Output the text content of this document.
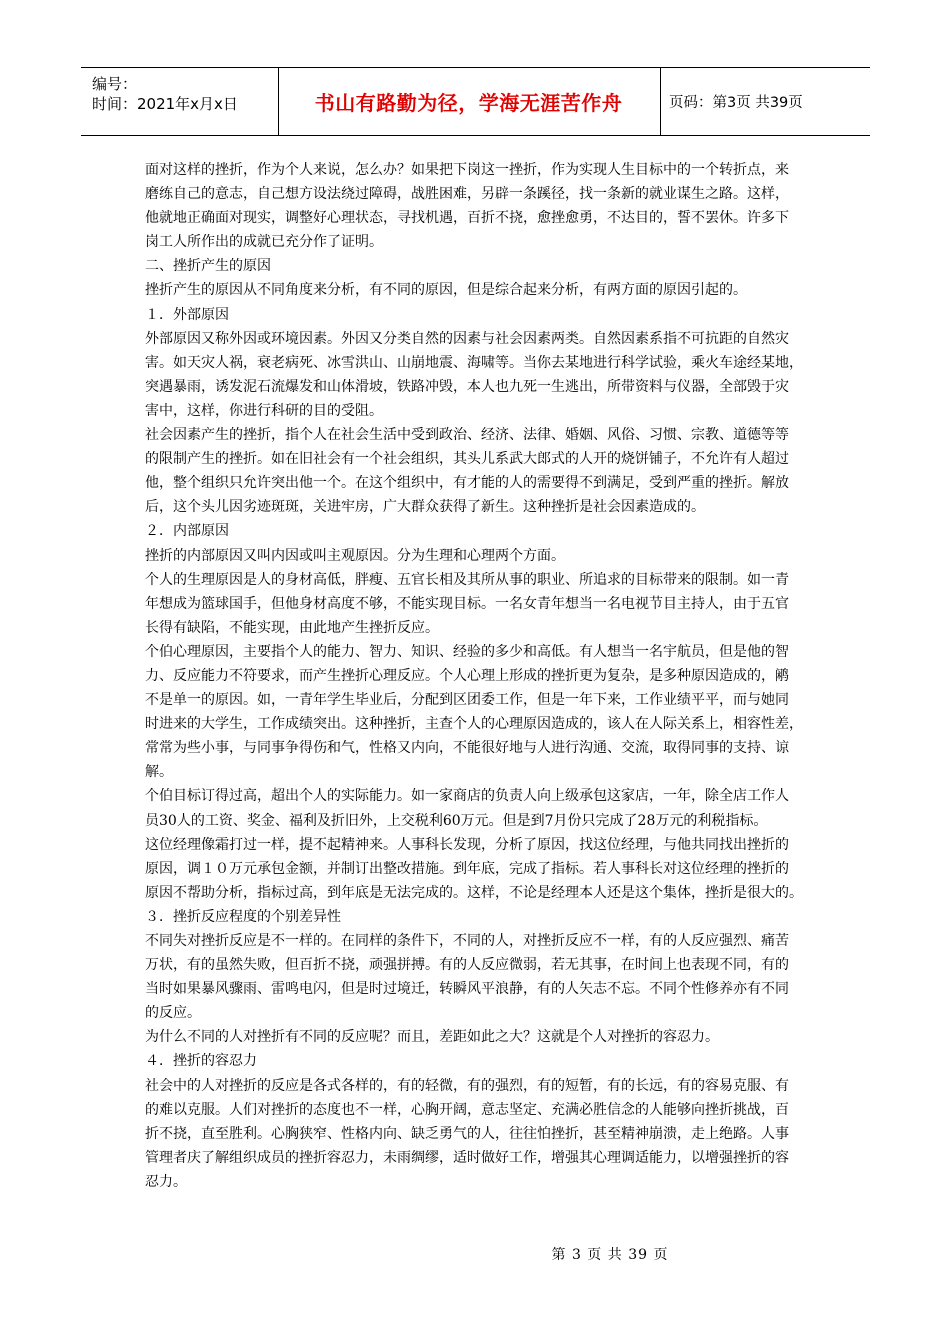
编号：
时间：2021年x月x日	书山有路勤为径，学海无涯苦作舟	页码：第3页 共39页
面对这样的挫折，作为个人来说，怎么办？如果把下岗这一挫折，作为实现人生目标中的一个转折点，来
磨练自己的意志，自己想方设法绕过障碍，战胜困难，另辟一条蹊径，找一条新的就业谋生之路。这样，
他就地正确面对现实，调整好心理状态，寻找机遇，百折不挠，愈挫愈勇，不达目的，誓不罢休。许多下
岗工人所作出的成就已充分作了证明。
二、挫折产生的原因
挫折产生的原因从不同角度来分析，有不同的原因，但是综合起来分析，有两方面的原因引起的。
１．外部原因
外部原因又称外因或环境因素。外因又分类自然的因素与社会因素两类。自然因素系指不可抗距的自然灾
害。如天灾人祸，衰老病死、冰雪洪山、山崩地震、海啸等。当你去某地进行科学试验，乘火车途经某地，
突遇暴雨，诱发泥石流爆发和山体滑坡，铁路冲毁，本人也九死一生逃出，所带资料与仪器，全部毁于灾
害中，这样，你进行科研的目的受阻。
社会因素产生的挫折，指个人在社会生活中受到政治、经济、法律、婚姻、风俗、习惯、宗教、道德等等
的限制产生的挫折。如在旧社会有一个社会组织，其头儿系武大郎式的人开的烧饼铺子，不允许有人超过
他，整个组织只允许突出他一个。在这个组织中，有才能的人的需要得不到满足，受到严重的挫折。解放
后，这个头儿因劣迹斑斑，关进牢房，广大群众获得了新生。这种挫折是社会因素造成的。
２．内部原因
挫折的内部原因又叫内因或叫主观原因。分为生理和心理两个方面。
个人的生理原因是人的身材高低，胖瘦、五官长相及其所从事的职业、所追求的目标带来的限制。如一青
年想成为篮球国手，但他身材高度不够，不能实现目标。一名女青年想当一名电视节目主持人，由于五官
长得有缺陷，不能实现，由此地产生挫折反应。
个伯心理原因，主要指个人的能力、智力、知识、经验的多少和高低。有人想当一名宇航员，但是他的智
力、反应能力不符要求，而产生挫折心理反应。个人心理上形成的挫折更为复杂，是多种原因造成的，鹇
不是单一的原因。如，一青年学生毕业后，分配到区团委工作，但是一年下来，工作业绩平平，而与她同
时进来的大学生，工作成绩突出。这种挫折，主查个人的心理原因造成的，该人在人际关系上，相容性差，
常常为些小事，与同事争得伤和气，性格又内向，不能很好地与人进行沟通、交流，取得同事的支持、谅
解。
个伯目标订得过高，超出个人的实际能力。如一家商店的负责人向上级承包这家店，一年，除全店工作人
员30人的工资、奖金、福利及折旧外，上交税利60万元。但是到7月份只完成了28万元的利税指标。
这位经理像霜打过一样，提不起精神来。人事科长发现，分析了原因，找这位经理，与他共同找出挫折的
原因，调１０万元承包金额，并制订出整改措施。到年底，完成了指标。若人事科长对这位经理的挫折的
原因不帮助分析，指标过高，到年底是无法完成的。这样，不论是经理本人还是这个集体，挫折是很大的。
３．挫折反应程度的个别差异性
不同失对挫折反应是不一样的。在同样的条件下，不同的人，对挫折反应不一样，有的人反应强烈、痛苦
万状，有的虽然失败，但百折不挠，顽强拼搏。有的人反应微弱，若无其事，在时间上也表现不同，有的
当时如果暴风骤雨、雷鸣电闪，但是时过境迁，转瞬风平浪静，有的人矢志不忘。不同个性修养亦有不同
的反应。
为什么不同的人对挫折有不同的反应呢？而且，差距如此之大？这就是个人对挫折的容忍力。
４．挫折的容忍力
社会中的人对挫折的反应是各式各样的，有的轻微，有的强烈，有的短暂，有的长远，有的容易克服、有
的难以克服。人们对挫折的态度也不一样，心胸开阔，意志坚定、充满必胜信念的人能够向挫折挑战，百
折不挠，直至胜利。心胸狭窄、性格内向、缺乏勇气的人，往往怕挫折，甚至精神崩溃，走上绝路。人事
管理者庆了解组织成员的挫折容忍力，未雨绸缪，适时做好工作，增强其心理调适能力，以增强挫折的容
忍力。
第 3 页 共 39 页
